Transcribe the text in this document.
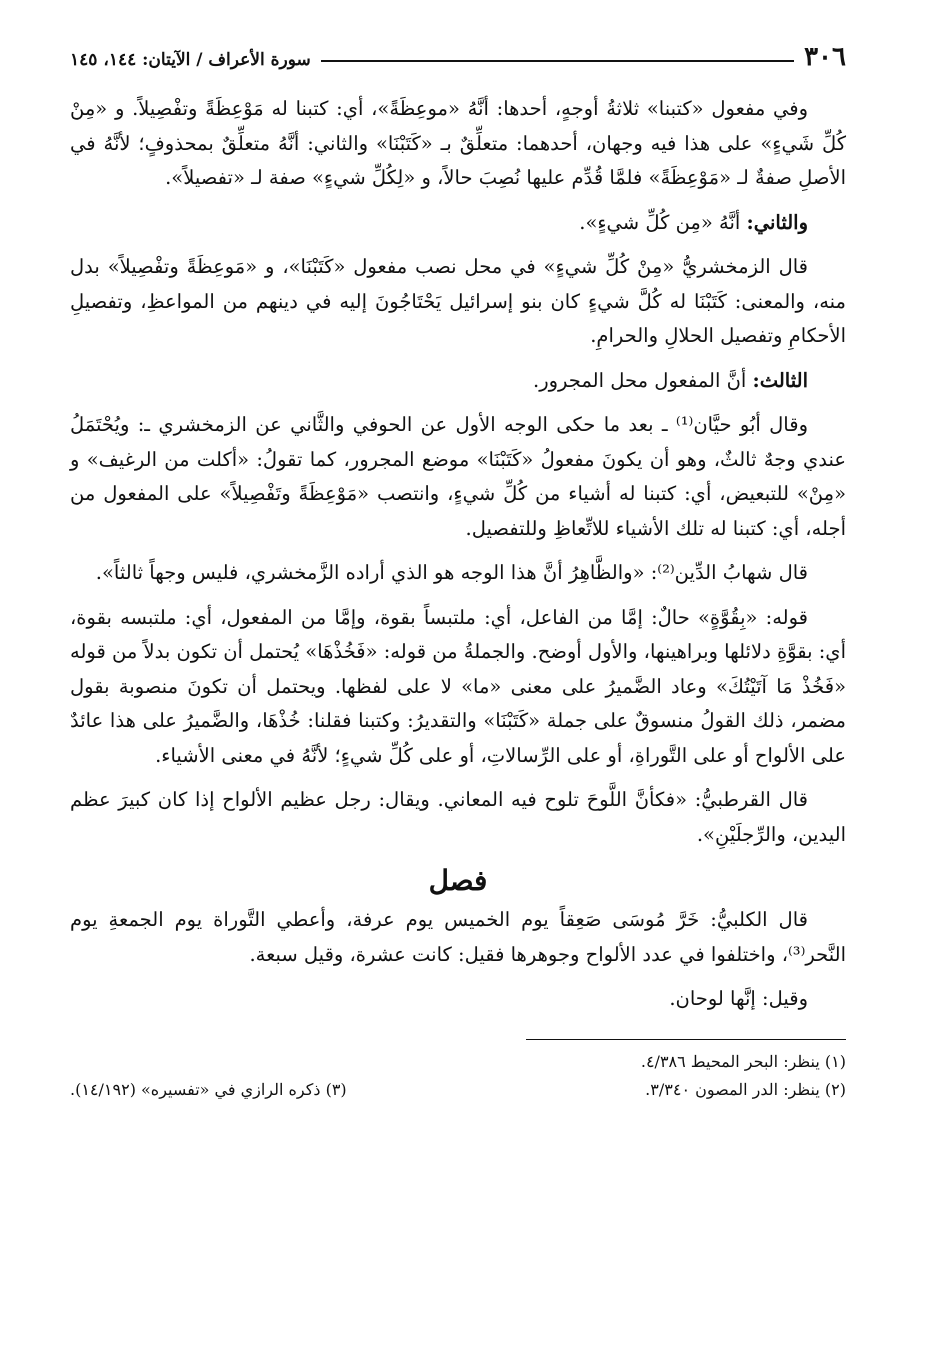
٣٠٦
سورة الأعراف / الآيتان: ١٤٤، ١٤٥

وفي مفعول «كتبنا» ثلاثةُ أوجهٍ، أحدها: أنَّهُ «موعِظَةً»، أي: كتبنا له مَوْعِظَةً وتفْصِيلاً. و «مِنْ كُلِّ شَيءٍ» على هذا فيه وجهان، أحدهما: متعلِّقٌ بـ «كَتَبْنَا» والثاني: أنَّهُ متعلِّقٌ بمحذوفٍ؛ لأنَّهُ في الأصلِ صفةٌ لـ «مَوْعِظَةً» فلمَّا قُدِّم عليها نُصِبَ حالاً، و «لِكُلِّ شيءٍ» صفة لـ «تفصيلاً».

والثاني: أنَّهُ «مِن كُلِّ شيءٍ».

قال الزمخشريُّ «مِنْ كُلِّ شيءٍ» في محل نصب مفعول «كَتَبْنَا»، و «مَوعِظَةً وتفْصِيلاً» بدل منه، والمعنى: كَتَبْنَا له كُلَّ شيءٍ كان بنو إسرائيل يَحْتَاجُونَ إليه في دينهم من المواعظِ، وتفصيلِ الأحكامِ وتفصيل الحلالِ والحرامِ.

الثالث: أنَّ المفعول محل المجرور.

وقال أبُو حيَّان⁽¹⁾ ـ بعد ما حكى الوجه الأول عن الحوفي والثَّاني عن الزمخشري ـ: ويُحْتَمَلُ عندي وجهٌ ثالثٌ، وهو أن يكونَ مفعولُ «كَتَبْنَا» موضع المجرور، كما تقولُ: «أكلت من الرغيف» و «مِنْ» للتبعيض، أي: كتبنا له أشياء من كُلِّ شيءٍ، وانتصب «مَوْعِظَةً وتَفْصِيلاً» على المفعول من أجله، أي: كتبنا له تلك الأشياء للاتِّعاظِ وللتفصيل.

قال شهابُ الدِّين⁽²⁾: «والظَّاهِرُ أنَّ هذا الوجه هو الذي أراده الزَّمخشري، فليس وجهاً ثالثاً».

قوله: «بِقُوَّةٍ» حالٌ: إمَّا من الفاعل، أي: ملتبساً بقوة، وإمَّا من المفعول، أي: ملتبسه بقوة، أي: بقوَّةِ دلائلها وبراهينها، والأول أوضح. والجملةُ من قوله: «فَخُذْهَا» يُحتمل أن تكون بدلاً من قوله «فَخُذْ مَا آتَيْتُكَ» وعاد الضَّميرُ على معنى «ما» لا على لفظها. ويحتمل أن تكونَ منصوبة بقول مضمر، ذلك القولُ منسوقٌ على جملة «كَتَبْنَا» والتقديرُ: وكتبنا فقلنا: خُذْهَا، والضَّميرُ على هذا عائدٌ على الألواح أو على التَّوراةِ، أو على الرِّسالاتِ، أو على كُلِّ شيءٍ؛ لأنَّهُ في معنى الأشياء.

قال القرطبيُّ: «فكأنَّ اللَّوحَ تلوح فيه المعاني. ويقال: رجل عظيم الألواح إذا كان كبيرَ عظم اليدين، والرِّجلَيْنِ».

فصل

قال الكلبيُّ: خَرَّ مُوسَى صَعِقاً يوم الخميس يوم عرفة، وأعطي التَّوراة يوم الجمعةِ يوم النَّحر⁽³⁾، واختلفوا في عدد الألواح وجوهرها فقيل: كانت عشرة، وقيل سبعة.

وقيل: إنَّها لوحان.

(١) ينظر: البحر المحيط ٤/٣٨٦.
(٢) ينظر: الدر المصون ٣/٣٤٠.
(٣) ذكره الرازي في «تفسيره» (١٤/١٩٢).
